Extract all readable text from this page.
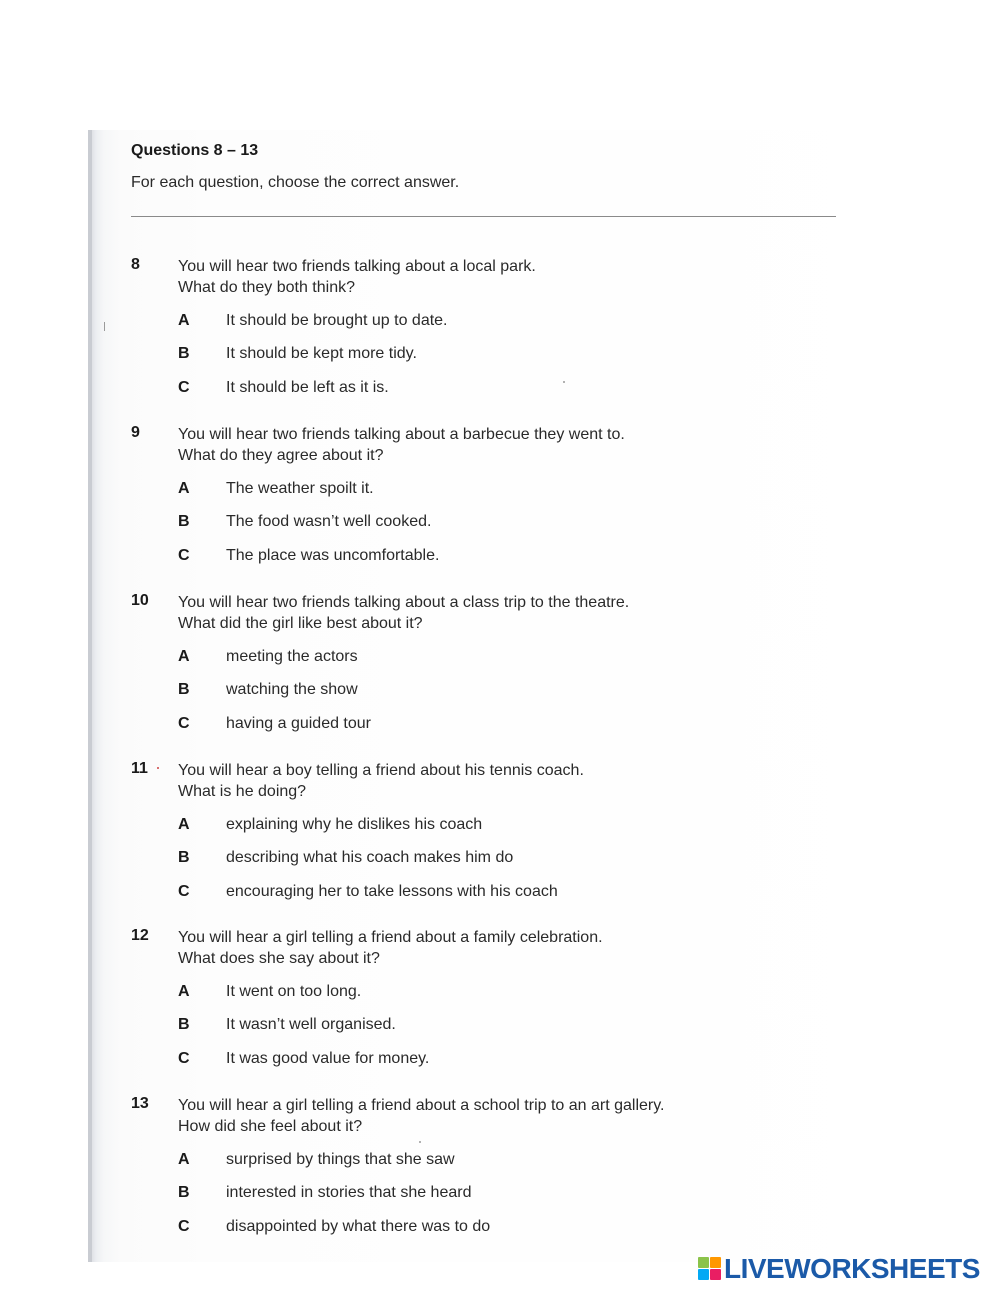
Questions 8 – 13
For each question, choose the correct answer.
8 You will hear two friends talking about a local park.
What do they both think?
A It should be brought up to date.
B It should be kept more tidy.
C It should be left as it is.
9 You will hear two friends talking about a barbecue they went to.
What do they agree about it?
A The weather spoilt it.
B The food wasn’t well cooked.
C The place was uncomfortable.
10 You will hear two friends talking about a class trip to the theatre.
What did the girl like best about it?
A meeting the actors
B watching the show
C having a guided tour
11 You will hear a boy telling a friend about his tennis coach.
What is he doing?
A explaining why he dislikes his coach
B describing what his coach makes him do
C encouraging her to take lessons with his coach
12 You will hear a girl telling a friend about a family celebration.
What does she say about it?
A It went on too long.
B It wasn’t well organised.
C It was good value for money.
13 You will hear a girl telling a friend about a school trip to an art gallery.
How did she feel about it?
A surprised by things that she saw
B interested in stories that she heard
C disappointed by what there was to do
LIVEWORKSHEETS
